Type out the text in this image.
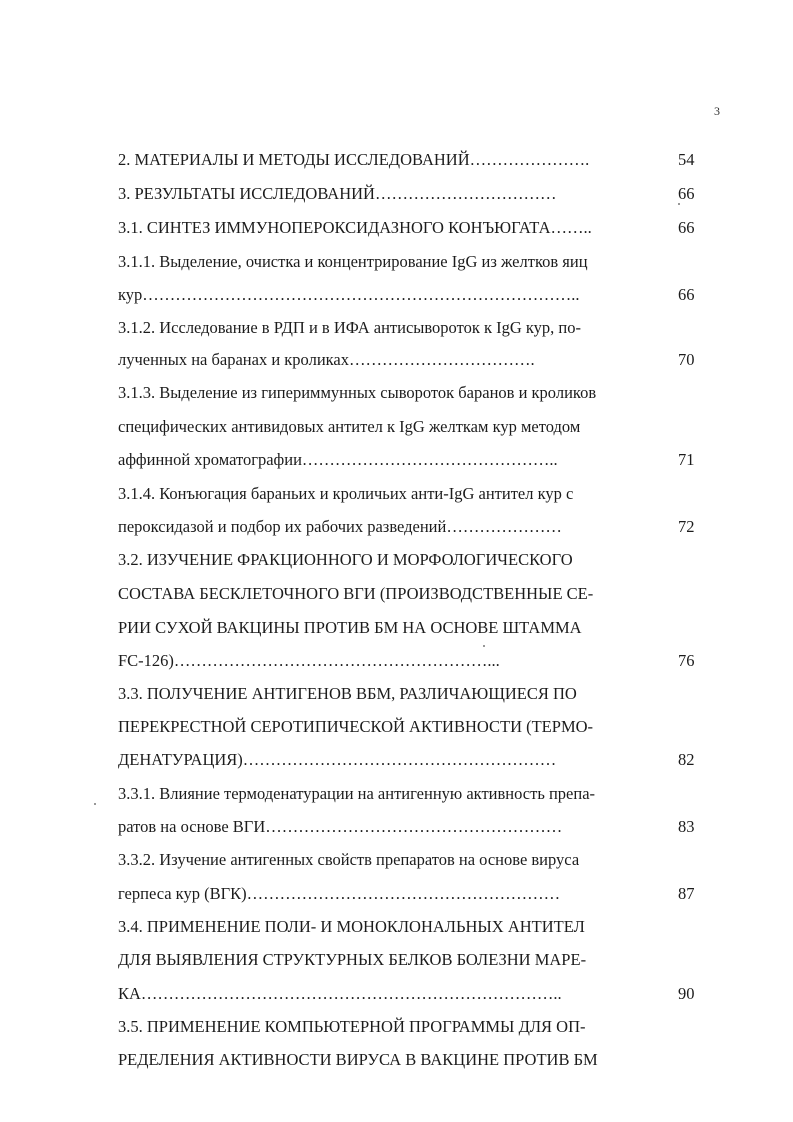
3
2. МАТЕРИАЛЫ И МЕТОДЫ ИССЛЕДОВАНИЙ………………….	54
3. РЕЗУЛЬТАТЫ ИССЛЕДОВАНИЙ……………………………	66
3.1. СИНТЕЗ ИММУНОПЕРОКСИДАЗНОГО КОНЪЮГАТА……..	66
3.1.1. Выделение, очистка и концентрирование IgG из желтков яиц
кур……………………………………………………………………..	66
3.1.2. Исследование в РДП и в ИФА антисывороток к IgG кур, по-
лученных на баранах и кроликах…………………………….	70
3.1.3. Выделение из гипериммунных сывороток баранов и кроликов
специфических антивидовых антител к IgG желткам кур методом
аффинной хроматографии………………………………………..	71
3.1.4. Конъюгация бараньих и кроличьих анти-IgG антител кур с
пероксидазой и подбор их рабочих разведений…………………	72
3.2. ИЗУЧЕНИЕ ФРАКЦИОННОГО И МОРФОЛОГИЧЕСКОГО
СОСТАВА БЕСКЛЕТОЧНОГО ВГИ (ПРОИЗВОДСТВЕННЫЕ СЕ-
РИИ СУХОЙ ВАКЦИНЫ ПРОТИВ БМ НА ОСНОВЕ ШТАММА
FC-126)…………………………………………………...	76
3.3. ПОЛУЧЕНИЕ АНТИГЕНОВ ВБМ, РАЗЛИЧАЮЩИЕСЯ ПО
ПЕРЕКРЕСТНОЙ СЕРОТИПИЧЕСКОЙ АКТИВНОСТИ (ТЕРМО-
ДЕНАТУРАЦИЯ)…………………………………………………	82
3.3.1. Влияние термоденатурации на антигенную активность препа-
ратов на основе ВГИ………………………………………………	83
3.3.2. Изучение антигенных свойств препаратов на основе вируса
герпеса кур (ВГК)…………………………………………………	87
3.4. ПРИМЕНЕНИЕ ПОЛИ- И МОНОКЛОНАЛЬНЫХ АНТИТЕЛ
ДЛЯ ВЫЯВЛЕНИЯ СТРУКТУРНЫХ БЕЛКОВ БОЛЕЗНИ МАРЕ-
КА…………………………………………………………………..	90
3.5. ПРИМЕНЕНИЕ КОМПЬЮТЕРНОЙ ПРОГРАММЫ ДЛЯ ОП-
РЕДЕЛЕНИЯ АКТИВНОСТИ ВИРУСА В ВАКЦИНЕ ПРОТИВ БМ
